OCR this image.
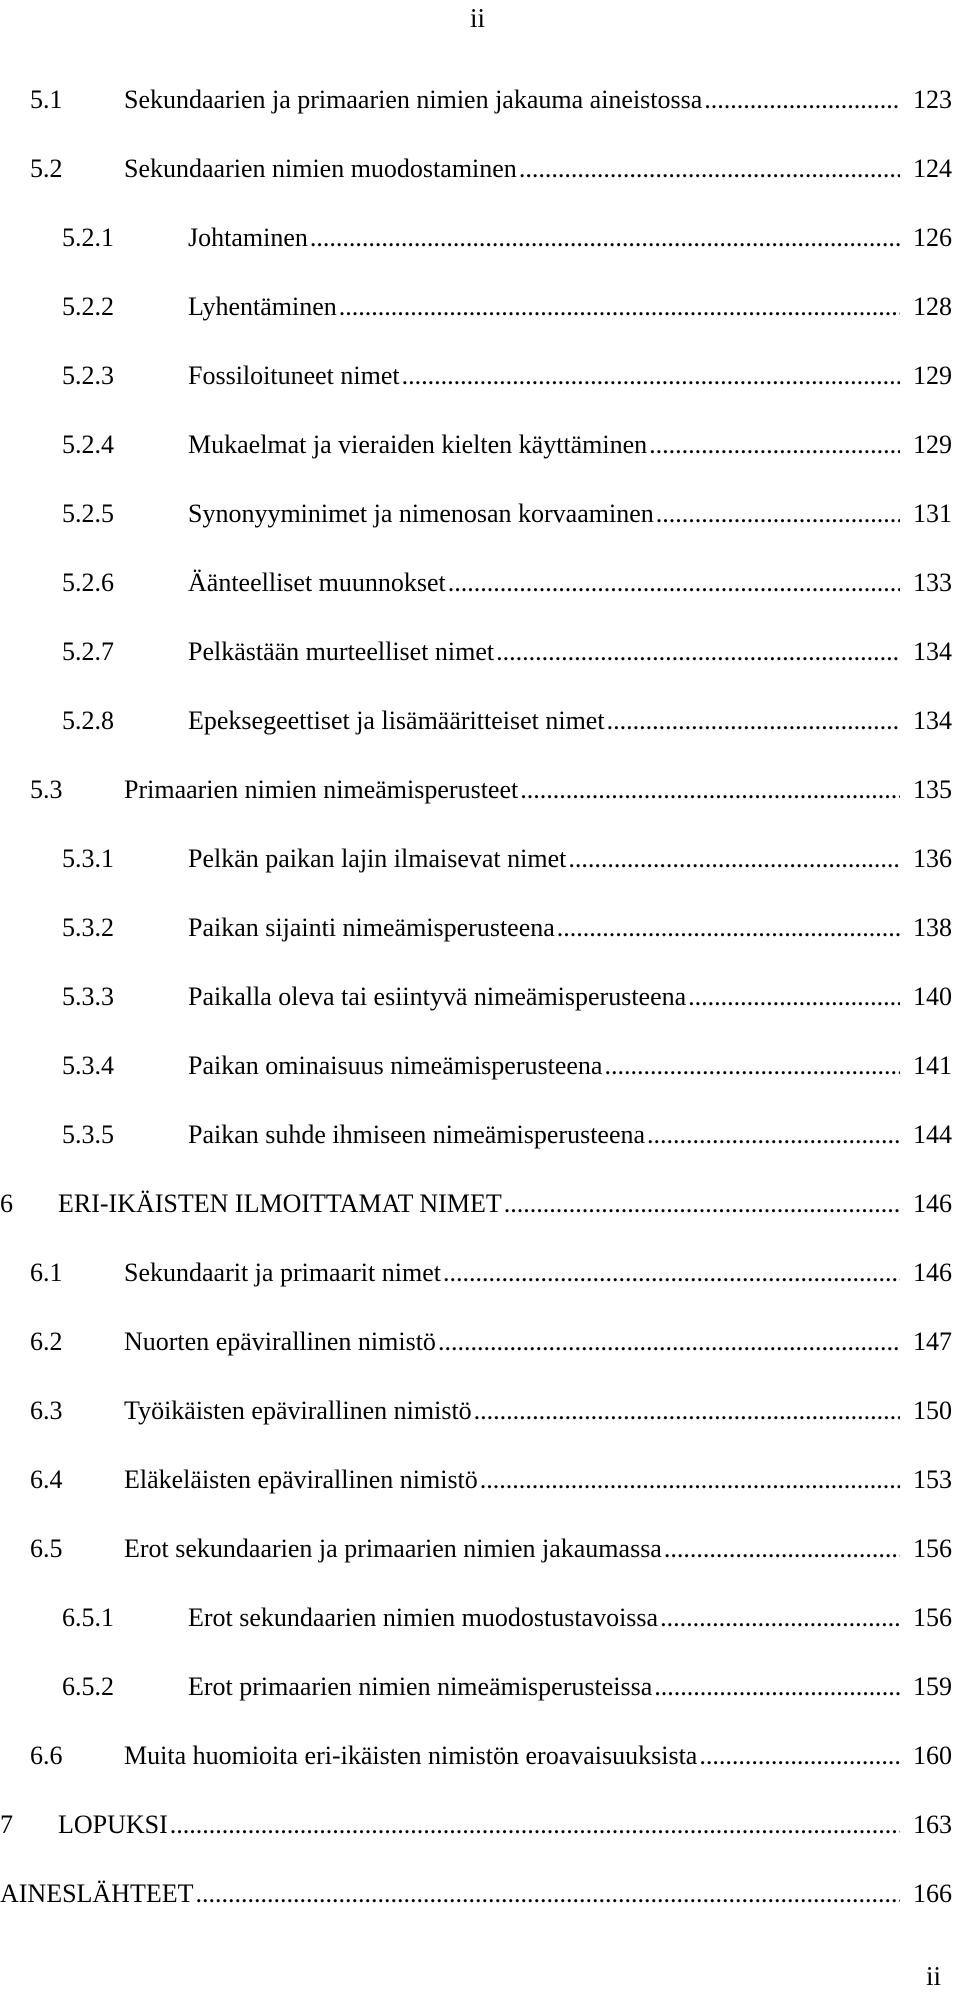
ii
5.1 Sekundaarien ja primaarien nimien jakauma aineistossa .....	123
5.2 Sekundaarien nimien muodostaminen .....	124
5.2.1	Johtaminen .....	126
5.2.2	Lyhentäminen .....	128
5.2.3	Fossiloituneet nimet .....	129
5.2.4	Mukaelmat ja vieraiden kielten käyttäminen .....	129
5.2.5	Synonyyminimet ja nimenosan korvaaminen .....	131
5.2.6	Äänteelliset muunnokset .....	133
5.2.7	Pelkästään murteelliset nimet .....	134
5.2.8	Epeksegeettiset ja lisämääritteiset nimet .....	134
5.3 Primaarien nimien nimeämisperusteet .....	135
5.3.1	Pelkän paikan lajin ilmaisevat nimet .....	136
5.3.2	Paikan sijainti nimeämisperusteena .....	138
5.3.3	Paikalla oleva tai esiintyvä nimeämisperusteena .....	140
5.3.4	Paikan ominaisuus nimeämisperusteena .....	141
5.3.5	Paikan suhde ihmiseen nimeämisperusteena .....	144
6 ERI-IKÄISTEN ILMOITTAMAT NIMET .....	146
6.1 Sekundaarit ja primaarit nimet .....	146
6.2 Nuorten epävirallinen nimistö .....	147
6.3 Työikäisten epävirallinen nimistö .....	150
6.4 Eläkeläisten epävirallinen nimistö .....	153
6.5 Erot sekundaarien ja primaarien nimien jakaumassa .....	156
6.5.1	Erot sekundaarien nimien muodostustavoissa .....	156
6.5.2	Erot primaarien nimien nimeämisperusteissa .....	159
6.6 Muita huomioita eri-ikäisten nimistön eroavaisuuksista .....	160
7 LOPUKSI .....	163
AINESLÄHTEET .....	166
ii
